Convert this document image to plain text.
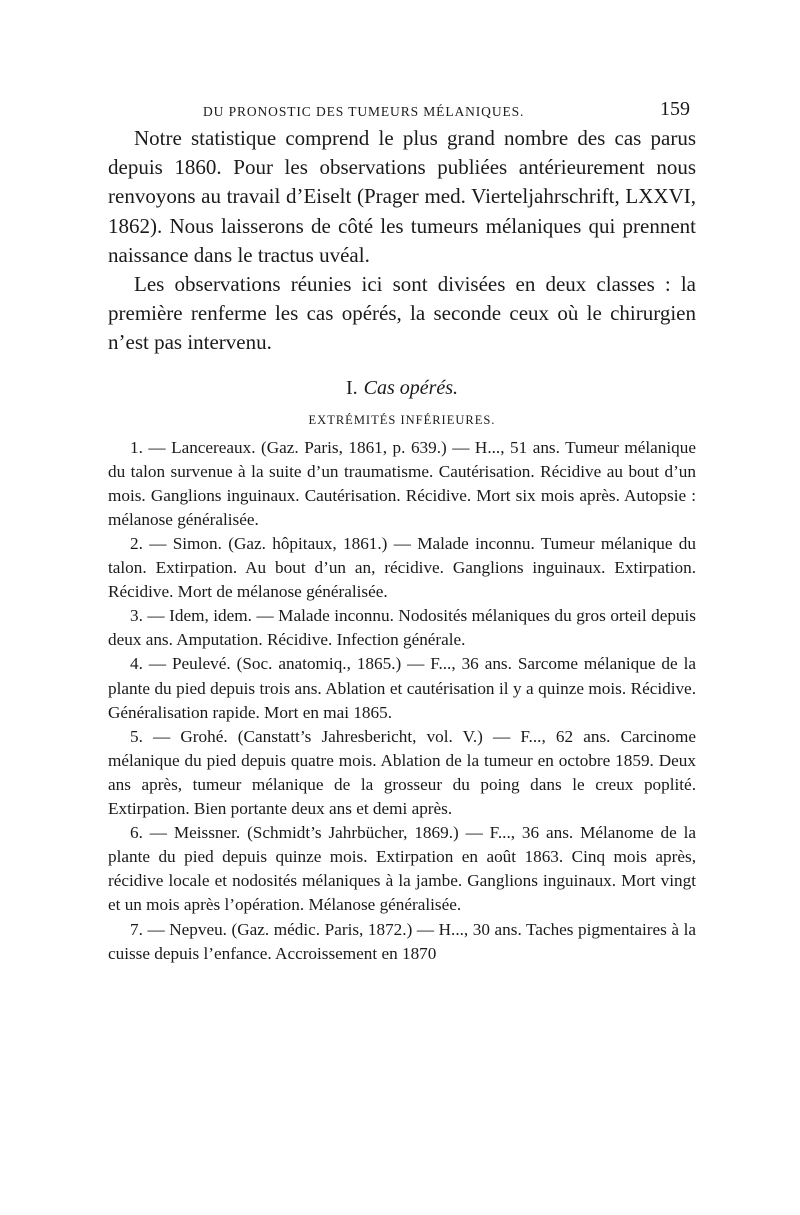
DU PRONOSTIC DES TUMEURS MÉLANIQUES.	159

Notre statistique comprend le plus grand nombre des cas parus depuis 1860. Pour les observations publiées antérieurement nous renvoyons au travail d’Eiselt (Prager med. Vierteljahrschrift, LXXVI, 1862). Nous laisserons de côté les tumeurs mélaniques qui prennent naissance dans le tractus uvéal.

Les observations réunies ici sont divisées en deux classes : la première renferme les cas opérés, la seconde ceux où le chirurgien n’est pas intervenu.

I. Cas opérés.
EXTRÉMITÉS INFÉRIEURES.

1. — Lancereaux. (Gaz. Paris, 1861, p. 639.) — H..., 51 ans. Tumeur mélanique du talon survenue à la suite d’un traumatisme. Cautérisation. Récidive au bout d’un mois. Ganglions inguinaux. Cautérisation. Récidive. Mort six mois après. Autopsie : mélanose généralisée.

2. — Simon. (Gaz. hôpitaux, 1861.) — Malade inconnu. Tumeur mélanique du talon. Extirpation. Au bout d’un an, récidive. Ganglions inguinaux. Extirpation. Récidive. Mort de mélanose généralisée.

3. — Idem, idem. — Malade inconnu. Nodosités mélaniques du gros orteil depuis deux ans. Amputation. Récidive. Infection générale.

4. — Peulevé. (Soc. anatomiq., 1865.) — F..., 36 ans. Sarcome mélanique de la plante du pied depuis trois ans. Ablation et cautérisation il y a quinze mois. Récidive. Généralisation rapide. Mort en mai 1865.

5. — Grohé. (Canstatt’s Jahresbericht, vol. V.) — F..., 62 ans. Carcinome mélanique du pied depuis quatre mois. Ablation de la tumeur en octobre 1859. Deux ans après, tumeur mélanique de la grosseur du poing dans le creux poplité. Extirpation. Bien portante deux ans et demi après.

6. — Meissner. (Schmidt’s Jahrbücher, 1869.) — F..., 36 ans. Mélanome de la plante du pied depuis quinze mois. Extirpation en août 1863. Cinq mois après, récidive locale et nodosités mélaniques à la jambe. Ganglions inguinaux. Mort vingt et un mois après l’opération. Mélanose généralisée.

7. — Nepveu. (Gaz. médic. Paris, 1872.) — H..., 30 ans. Taches pigmentaires à la cuisse depuis l’enfance. Accroissement en 1870
